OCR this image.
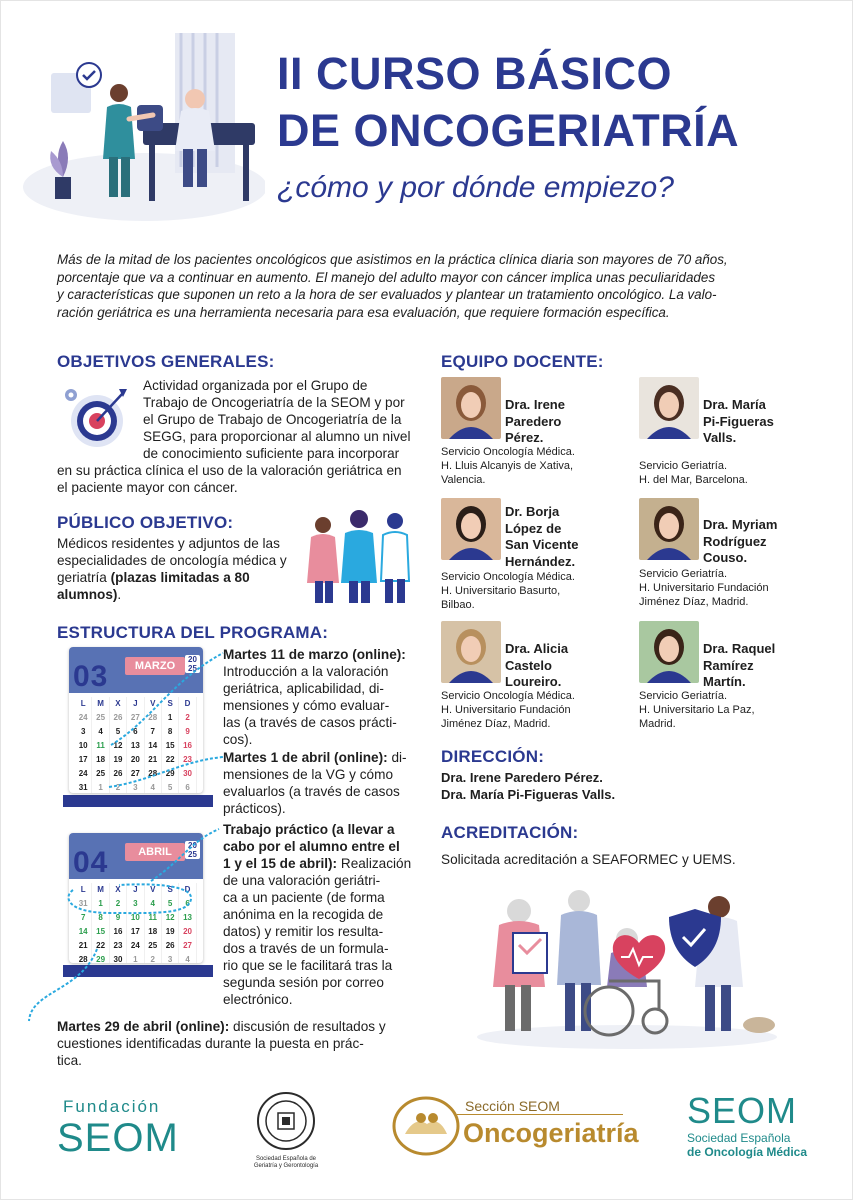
II CURSO BÁSICO
DE ONCOGERIATRÍA
¿cómo y por dónde empiezo?
Más de la mitad de los pacientes oncológicos que asistimos en la práctica clínica diaria son mayores de 70 años,
porcentaje que va a continuar en aumento. El manejo del adulto mayor con cáncer implica unas peculiaridades
y características que suponen un reto a la hora de ser evaluados y plantear un tratamiento oncológico. La valo-
ración geriátrica es una herramienta necesaria para esa evaluación, que requiere formación específica.
OBJETIVOS GENERALES:
Actividad organizada por el Grupo de Trabajo de Oncogeriatría de la SEOM y por el Grupo de Trabajo de Oncogeriatría de la SEGG, para proporcionar al alumno un nivel de conocimiento suficiente para incorporar en su práctica clínica el uso de la valoración geriátrica en el paciente mayor con cáncer.
PÚBLICO OBJETIVO:
Médicos residentes y adjuntos de las especialidades de oncología médica y geriatría (plazas limitadas a 80 alumnos).
ESTRUCTURA DEL PROGRAMA:
03	MARZO
20
25
L	M	X	J	V	S	D
24	25	26	27	28	1	2
3	4	5	6	7	8	9
10	11	12	13	14	15	16
17	18	19	20	21	22	23
24	25	26	27	28	29	30
31	1	2	3	4	5	6
04	ABRIL
20
25
L	M	X	J	V	S	D
31	1	2	3	4	5	6
7	8	9	10	11	12	13
14	15	16	17	18	19	20
21	22	23	24	25	26	27
28	29	30	1	2	3	4
Martes 11 de marzo (online):
Introducción a la valoración
geriátrica, aplicabilidad, di-
mensiones y cómo evaluar-
las (a través de casos prácti-
cos).
Martes 1 de abril (online): di-
mensiones de la VG y cómo
evaluarlos (a través de casos
prácticos).
Trabajo práctico (a llevar a
cabo por el alumno entre el
1 y el 15 de abril): Realización
de una valoración geriátri-
ca a un paciente (de forma
anónima en la recogida de
datos) y remitir los resulta-
dos a través de un formula-
rio que se le facilitará tras la
segunda sesión por correo
electrónico.
Martes 29 de abril (online): discusión de resultados y
cuestiones identificadas durante la puesta en prác-
tica.
EQUIPO DOCENTE:
Dra. Irene
Paredero
Pérez.
Servicio Oncología Médica.
H. Lluis Alcanyis de Xativa,
Valencia.
Dra. María
Pi-Figueras
Valls.
Servicio Geriatría.
H. del Mar, Barcelona.
Dr. Borja
López de
San Vicente
Hernández.
Servicio Oncología Médica.
H. Universitario Basurto,
Bilbao.
Dra. Myriam
Rodríguez
Couso.
Servicio Geriatría.
H. Universitario Fundación
Jiménez Díaz, Madrid.
Dra. Alicia
Castelo
Loureiro.
Servicio Oncología Médica.
H. Universitario Fundación
Jiménez Díaz, Madrid.
Dra. Raquel
Ramírez
Martín.
Servicio Geriatría.
H. Universitario La Paz,
Madrid.
DIRECCIÓN:
Dra. Irene Paredero Pérez.
Dra. María Pi-Figueras Valls.
ACREDITACIÓN:
Solicitada acreditación a SEAFORMEC y UEMS.
Fundación
SEOM	Sociedad Española de
Geriatría y Gerontología
Sección SEOM
Oncogeriatría
SEOM
Sociedad Española
de Oncología Médica
